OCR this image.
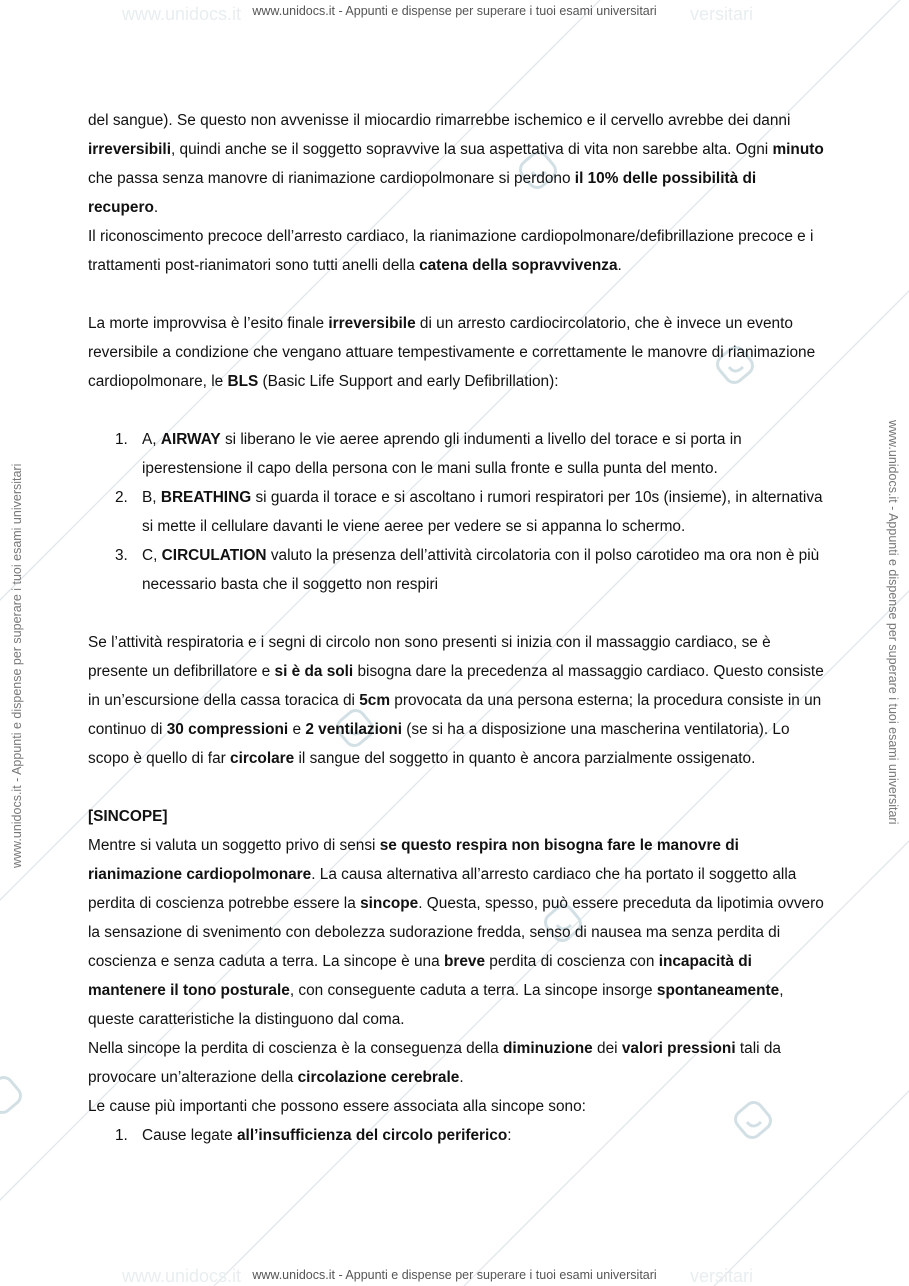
www.unidocs.it	versitari
www.unidocs.it	versitari
www.unidocs.it - Appunti e dispense per superare i tuoi esami universitari
www.unidocs.it - Appunti e dispense per superare i tuoi esami universitari
www.unidocs.it - Appunti e dispense per superare i tuoi esami universitari

del sangue). Se questo non avvenisse il miocardio rimarrebbe ischemico e il cervello avrebbe dei danni irreversibili, quindi anche se il soggetto sopravvive la sua aspettativa di vita non sarebbe alta. Ogni minuto che passa senza manovre di rianimazione cardiopolmonare si perdono il 10% delle possibilità di recupero.

Il riconoscimento precoce dell’arresto cardiaco, la rianimazione cardiopolmonare/defibrillazione precoce e i trattamenti post-rianimatori sono tutti anelli della catena della sopravvivenza.

La morte improvvisa è l’esito finale irreversibile di un arresto cardiocircolatorio, che è invece un evento reversibile a condizione che vengano attuare tempestivamente e correttamente le manovre di rianimazione cardiopolmonare, le BLS (Basic Life Support and early Defibrillation):

1. A, AIRWAY si liberano le vie aeree aprendo gli indumenti a livello del torace e si porta in iperestensione il capo della persona con le mani sulla fronte e sulla punta del mento.
2. B, BREATHING si guarda il torace e si ascoltano i rumori respiratori per 10s (insieme), in alternativa si mette il cellulare davanti le viene aeree per vedere se si appanna lo schermo.
3. C, CIRCULATION valuto la presenza dell’attività circolatoria con il polso carotideo ma ora non è più necessario basta che il soggetto non respiri

Se l’attività respiratoria e i segni di circolo non sono presenti si inizia con il massaggio cardiaco, se è presente un defibrillatore e si è da soli bisogna dare la precedenza al massaggio cardiaco. Questo consiste in un’escursione della cassa toracica di 5cm provocata da una persona esterna; la procedura consiste in un continuo di 30 compressioni e 2 ventilazioni (se si ha a disposizione una mascherina ventilatoria). Lo scopo è quello di far circolare il sangue del soggetto in quanto è ancora parzialmente ossigenato.

[SINCOPE]

Mentre si valuta un soggetto privo di sensi se questo respira non bisogna fare le manovre di rianimazione cardiopolmonare. La causa alternativa all’arresto cardiaco che ha portato il soggetto alla perdita di coscienza potrebbe essere la sincope. Questa, spesso, può essere preceduta da lipotimia ovvero la sensazione di svenimento con debolezza sudorazione fredda, senso di nausea ma senza perdita di coscienza e senza caduta a terra. La sincope è una breve perdita di coscienza con incapacità di mantenere il tono posturale, con conseguente caduta a terra. La sincope insorge spontaneamente, queste caratteristiche la distinguono dal coma.

Nella sincope la perdita di coscienza è la conseguenza della diminuzione dei valori pressioni tali da provocare un’alterazione della circolazione cerebrale.

Le cause più importanti che possono essere associata alla sincope sono:

1. Cause legate all’insufficienza del circolo periferico:
www.unidocs.it - Appunti e dispense per superare i tuoi esami universitari
